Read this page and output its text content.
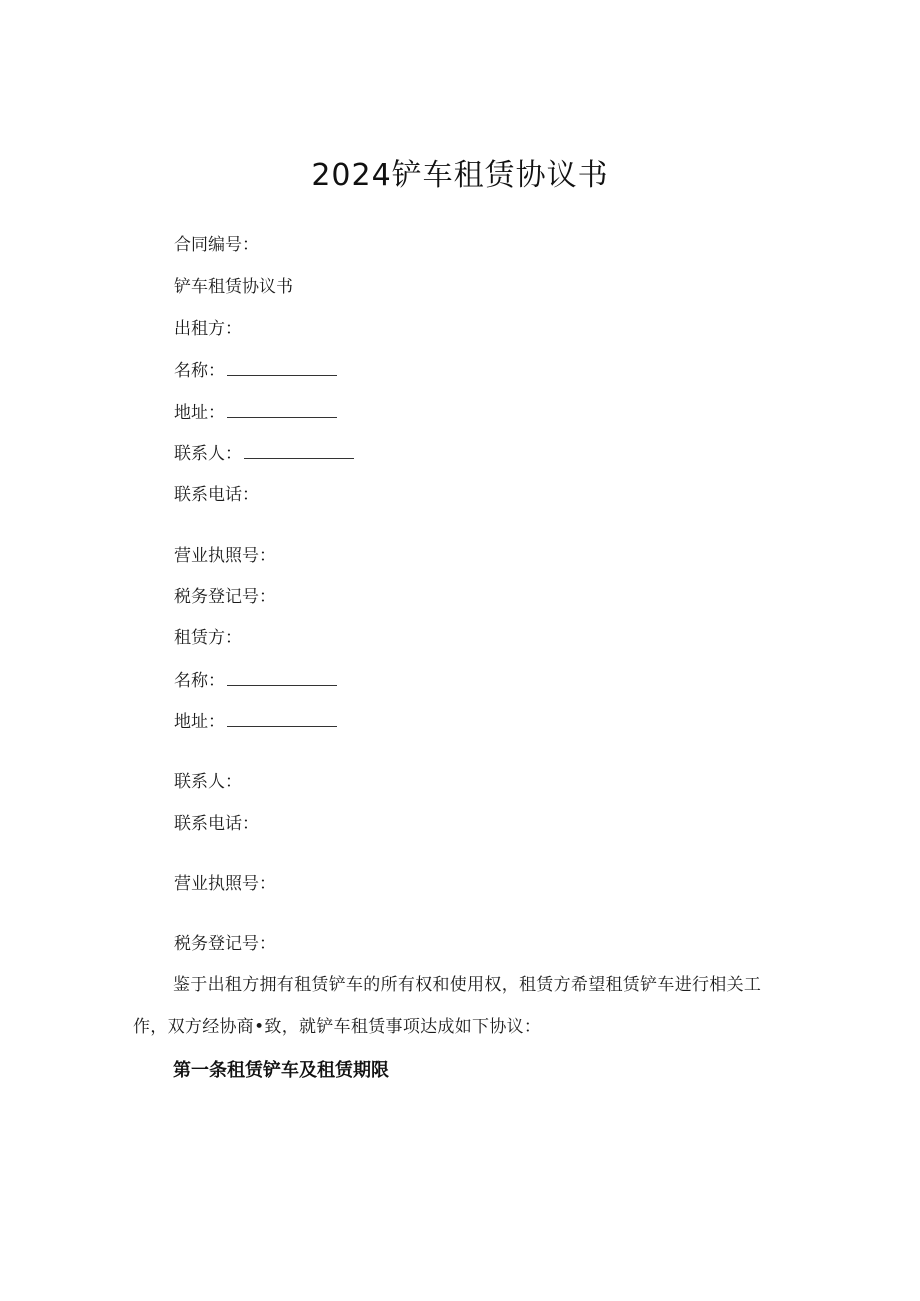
2024铲车租赁协议书
合同编号：
铲车租赁协议书
出租方：
名称：
地址：
联系人：
联系电话：
营业执照号：
税务登记号：
租赁方：
名称：
地址：
联系人：
联系电话：
营业执照号：
税务登记号：
鉴于出租方拥有租赁铲车的所有权和使用权，租赁方希望租赁铲车进行相关工作，双方经协商•致，就铲车租赁事项达成如下协议：
第一条租赁铲车及租赁期限
